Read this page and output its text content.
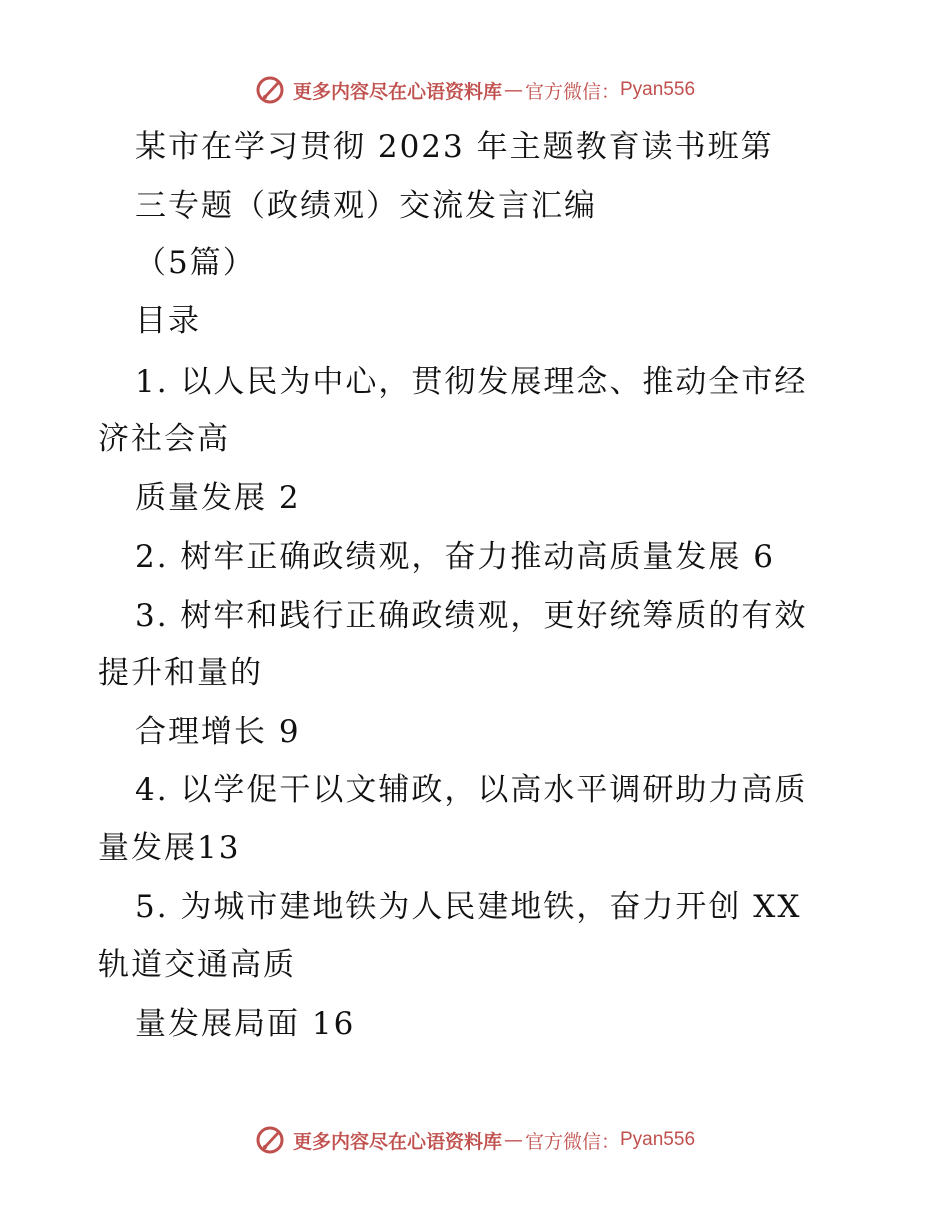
更多内容尽在心语资料库 — 官方微信： Pyan556
某市在学习贯彻 2023 年主题教育读书班第
三专题（政绩观）交流发言汇编
（5篇）
目录
1. 以人民为中心，贯彻发展理念、推动全市经
济社会高
质量发展 2
2. 树牢正确政绩观，奋力推动高质量发展 6
3. 树牢和践行正确政绩观，更好统筹质的有效
提升和量的
合理增长 9
4. 以学促干以文辅政，以高水平调研助力高质
量发展13
5. 为城市建地铁为人民建地铁，奋力开创 XX
轨道交通高质
量发展局面 16
更多内容尽在心语资料库 — 官方微信： Pyan556
